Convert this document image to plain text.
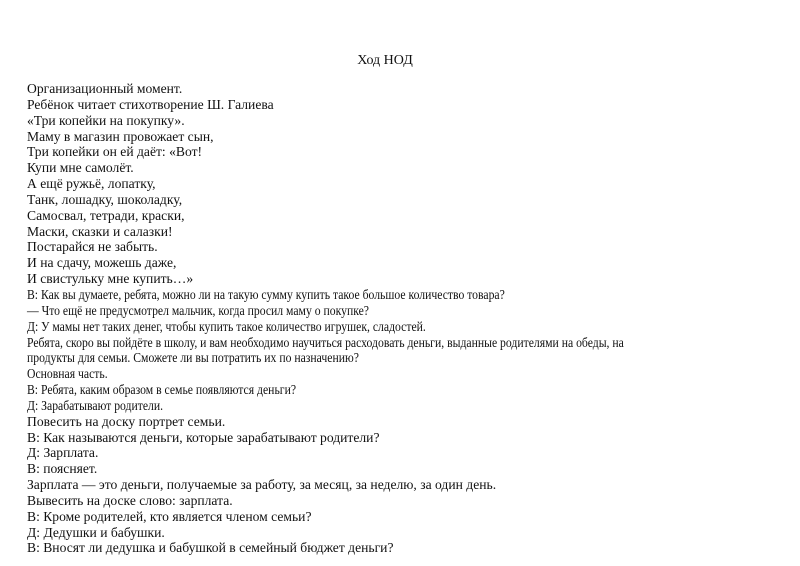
Ход НОД
Организационный момент.
Ребёнок читает стихотворение Ш. Галиева
«Три копейки на покупку».
Маму в магазин провожает сын,
Три копейки он ей даёт: «Вот!
Купи мне самолёт.
А ещё ружьё, лопатку,
Танк, лошадку, шоколадку,
Самосвал, тетради, краски,
Маски, сказки и салазки!
Постарайся не забыть.
И на сдачу, можешь даже,
И свистульку мне купить…»
В: Как вы думаете, ребята, можно ли на такую сумму купить такое большое количество товара?
— Что ещё не предусмотрел мальчик, когда просил маму о покупке?
Д: У мамы нет таких денег, чтобы купить такое количество игрушек, сладостей.
Ребята, скоро вы пойдёте в школу, и вам необходимо научиться расходовать деньги, выданные родителями на обеды, на
продукты для семьи. Сможете ли вы потратить их по назначению?
Основная часть.
В: Ребята, каким образом в семье появляются деньги?
Д: Зарабатывают родители.
Повесить на доску портрет семьи.
В: Как называются деньги, которые зарабатывают родители?
Д: Зарплата.
В: поясняет.
Зарплата — это деньги, получаемые за работу, за месяц, за неделю, за один день.
Вывесить на доске слово: зарплата.
В: Кроме родителей, кто является членом семьи?
Д: Дедушки и бабушки.
В: Вносят ли дедушка и бабушкой в семейный бюджет деньги?
